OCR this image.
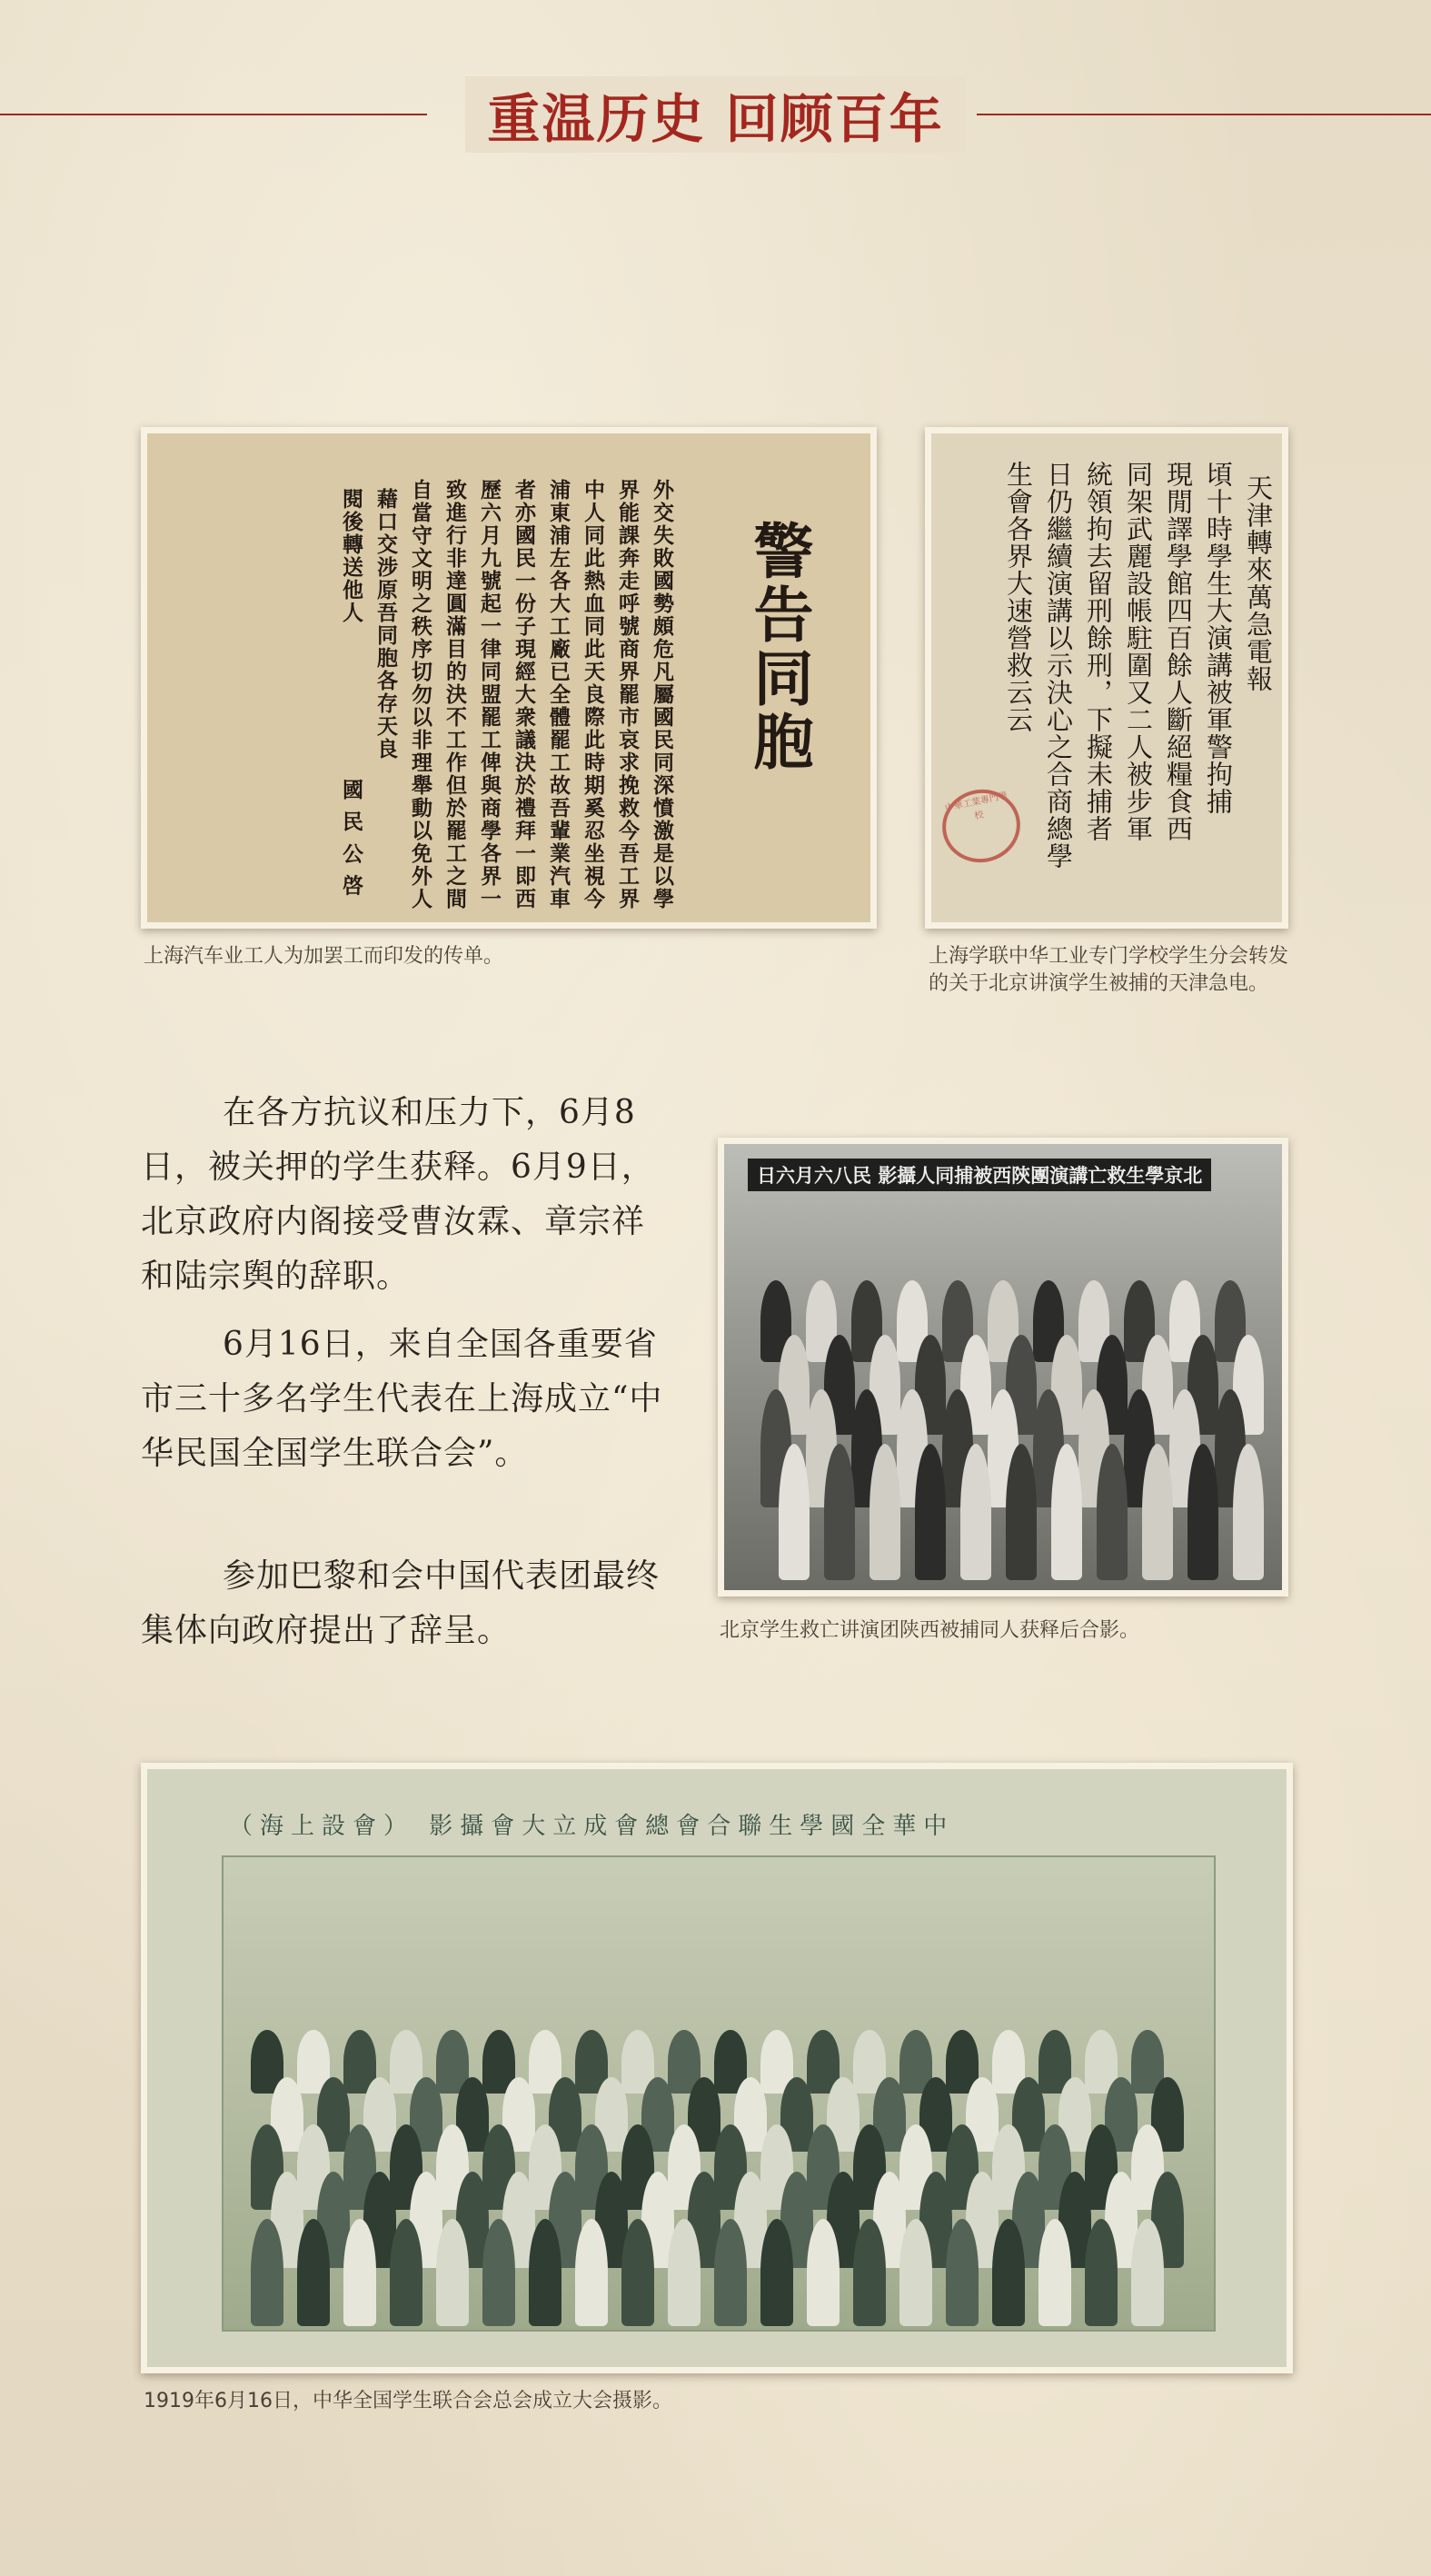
重温历史 回顾百年
警告同胞
外交失敗國勢頗危凡屬國民同深憤激是以學
界能課奔走呼號商界罷市哀求挽救今吾工界
中人同此熱血同此天良際此時期奚忍坐視今
浦東浦左各大工廠已全體罷工故吾輩業汽車
者亦國民一份子現經大衆議決於禮拜一即西
歷六月九號起一律同盟罷工俾與商學各界一
致進行非達圓滿目的決不工作但於罷工之間
自當守文明之秩序切勿以非理舉動以免外人
藉口交涉原吾同胞各存天良
閱後轉送他人
國 民 公 啓
上海汽车业工人为加罢工而印发的传单。
中華工業專門學校
天津轉來萬急電報
頃十時學生大演講被軍警拘捕
現閒譯學館四百餘人斷絕糧食西
同架武麗設帳駐圍又二人被步軍
統領拘去留刑餘刑，下擬未捕者
日仍繼續演講以示決心之合商總學
生會各界大速營救云云
上海学联中华工业专门学校学生分会转发的关于北京讲演学生被捕的天津急电。

在各方抗议和压力下，6月8日，被关押的学生获释。6月9日，北京政府内阁接受曹汝霖、章宗祥和陆宗舆的辞职。

6月16日，来自全国各重要省市三十多名学生代表在上海成立“中华民国全国学生联合会”。

参加巴黎和会中国代表团最终集体向政府提出了辞呈。

北京學生救亡講演團陝西被捕同人攝影 民八六月六日
北京学生救亡讲演团陕西被捕同人获释后合影。
中華全國學生聯合會總會成立大會攝影 （會設上海）
1919年6月16日，中华全国学生联合会总会成立大会摄影。
